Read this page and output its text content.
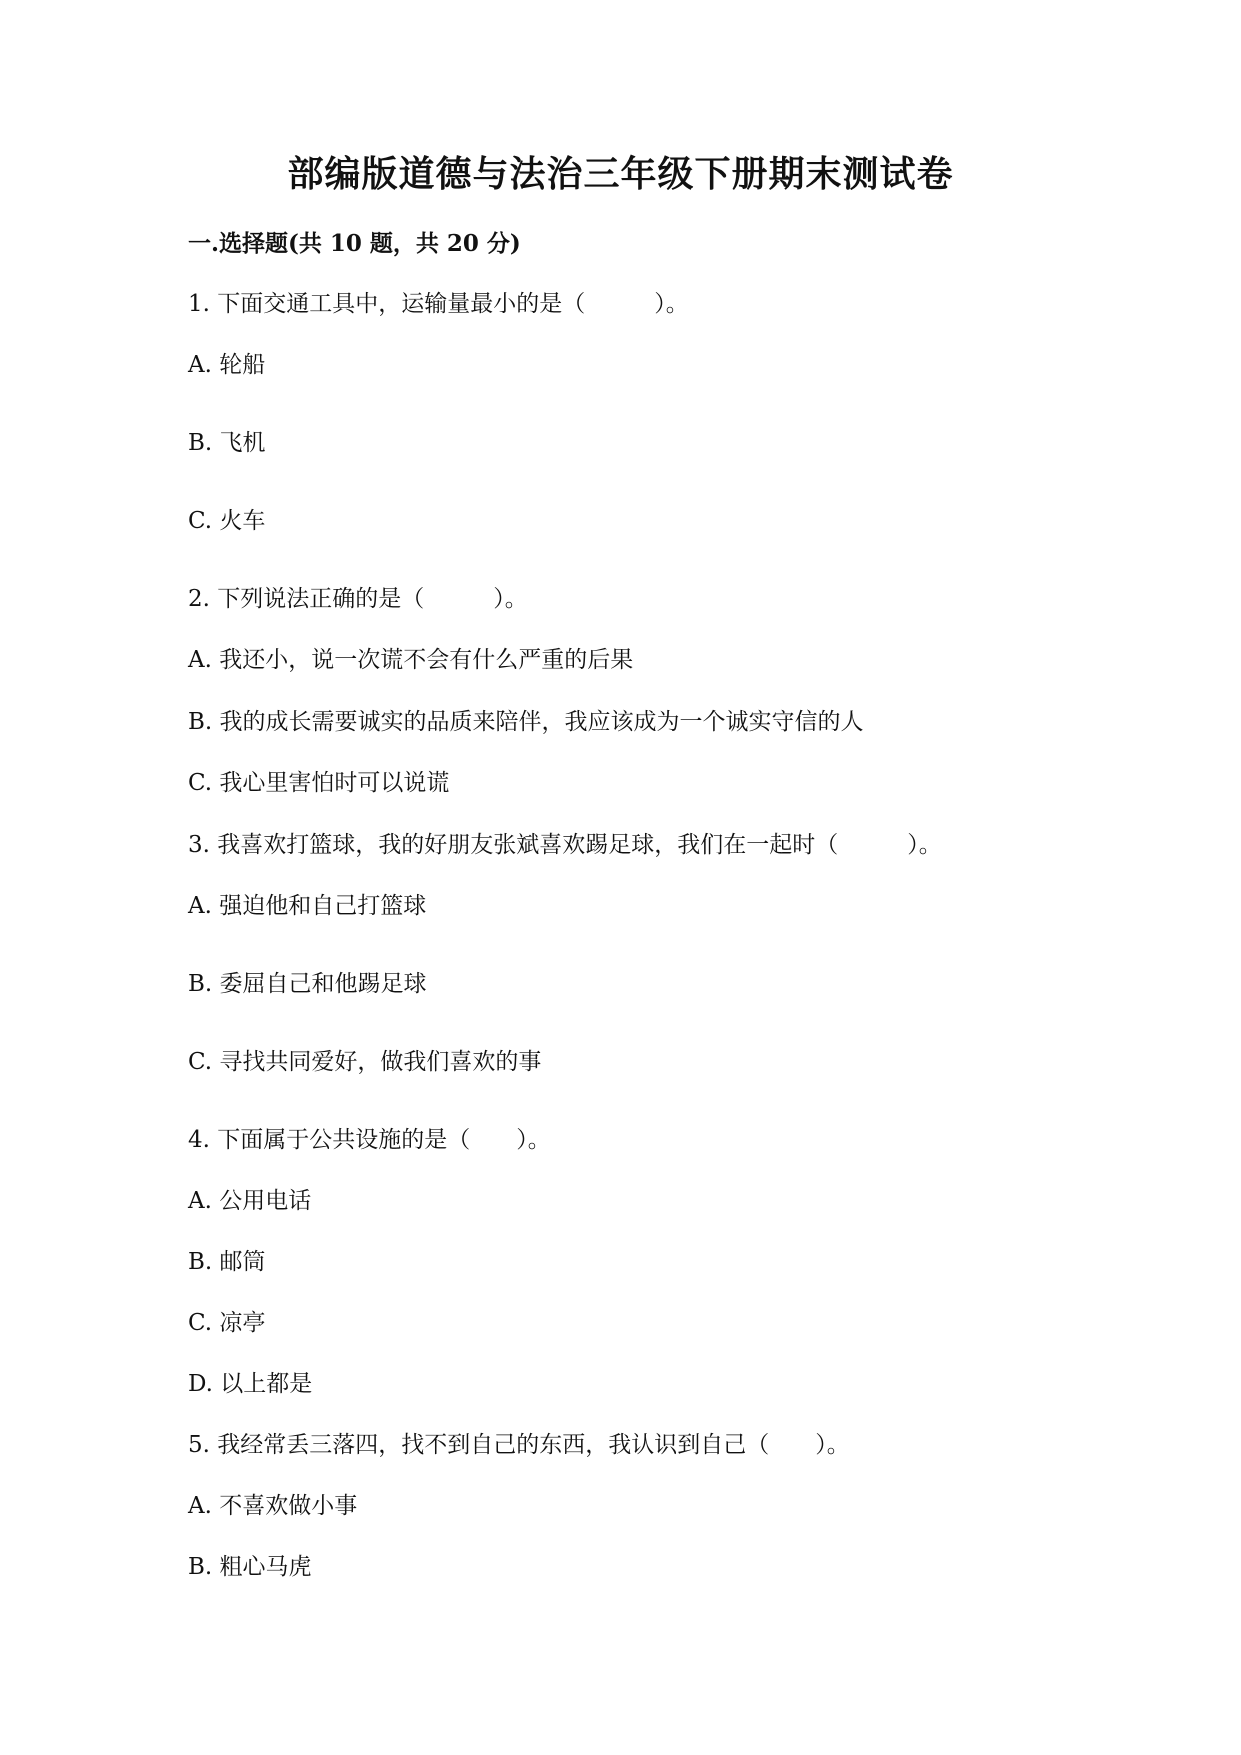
部编版道德与法治三年级下册期末测试卷
一.选择题(共 10 题，共 20 分)
1. 下面交通工具中，运输量最小的是（　　　）。
A. 轮船
B. 飞机
C. 火车
2. 下列说法正确的是（　　　）。
A. 我还小，说一次谎不会有什么严重的后果
B. 我的成长需要诚实的品质来陪伴，我应该成为一个诚实守信的人
C. 我心里害怕时可以说谎
3. 我喜欢打篮球，我的好朋友张斌喜欢踢足球，我们在一起时（　　　）。
A. 强迫他和自己打篮球
B. 委屈自己和他踢足球
C. 寻找共同爱好，做我们喜欢的事
4. 下面属于公共设施的是（　　）。
A. 公用电话
B. 邮筒
C. 凉亭
D. 以上都是
5. 我经常丢三落四，找不到自己的东西，我认识到自己（　　）。
A. 不喜欢做小事
B. 粗心马虎
